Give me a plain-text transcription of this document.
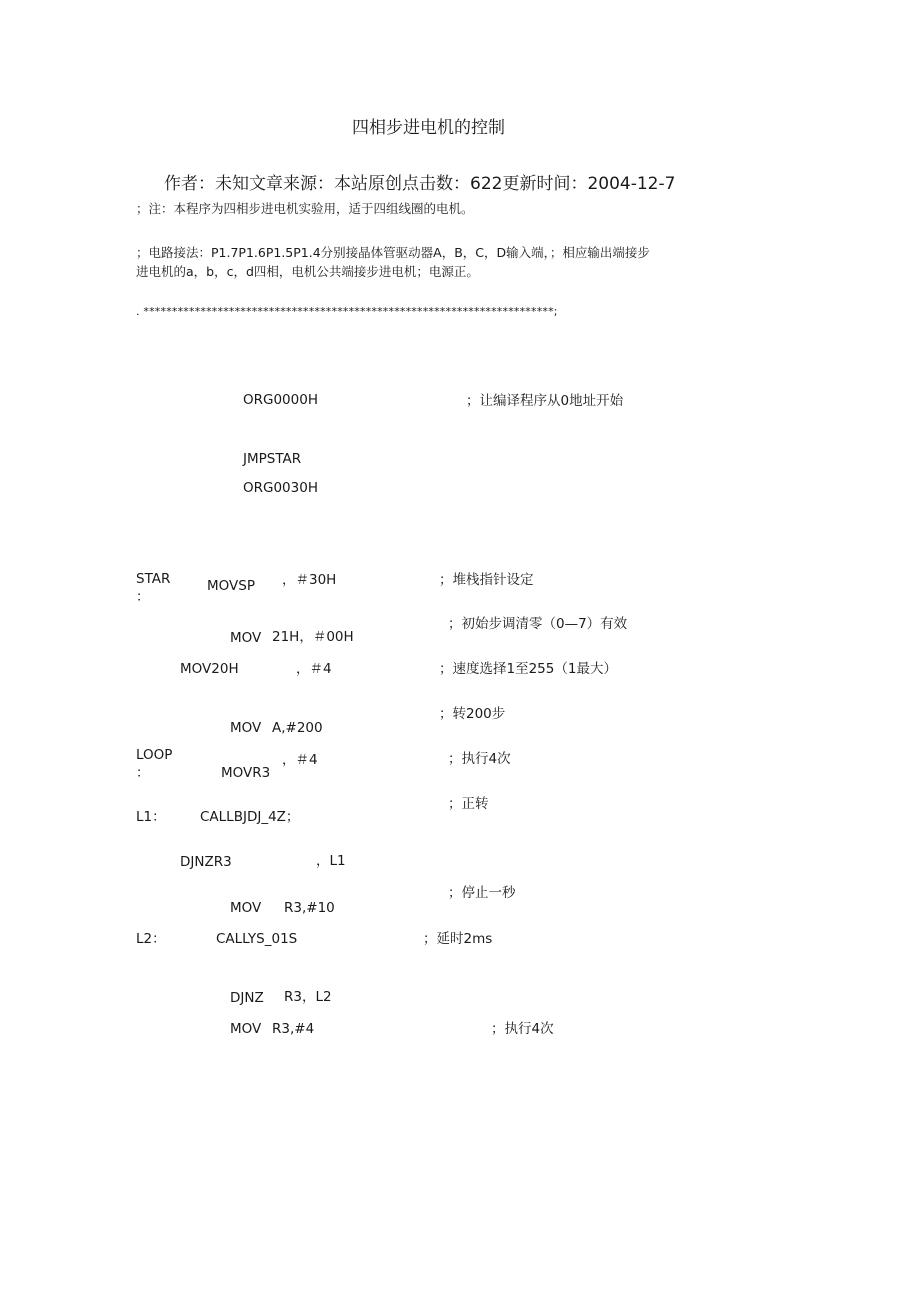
四相步进电机的控制
作者：未知文章来源：本站原创点击数：622更新时间：2004-12-7
；注：本程序为四相步进电机实验用，适于四组线圈的电机。
；电路接法：P1.7P1.6P1.5P1.4分别接晶体管驱动器A，B，C，D输入端，；相应输出端接步
进电机的a，b，c，d四相，电机公共端接步进电机；电源正。
. ************************************************************************;
ORG0000H	；让编译程序从0地址开始
JMPSTAR
ORG0030H
STAR
：
MOVSP ，＃30H	；堆栈指针设定
；初始步调清零（0—7）有效
MOV 21H，＃00H
MOV20H	，＃4	；速度选择1至255（1最大）
；转200步
MOV A,#200
LOOP
：	MOVR3
，＃4	；执行4次
；正转
L1：	CALLBJDJ_4Z；
DJNZR3	，L1
；停止一秒
MOV R3,#10
L2：	CALLYS_01S	；延时2ms
DJNZ R3，L2
MOV R3,#4	；执行4次
